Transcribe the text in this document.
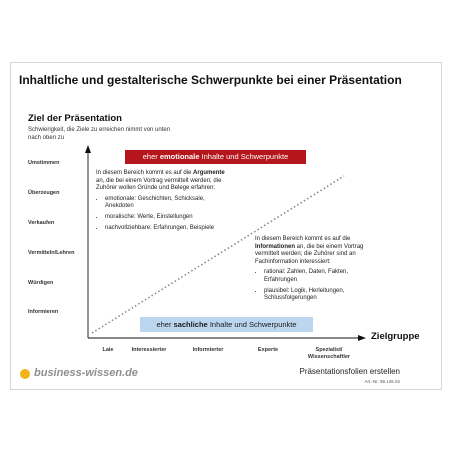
Inhaltliche und gestalterische Schwerpunkte bei einer Präsentation
Ziel der Präsentation
Schwierigkeit, die Ziele zu erreichen nimmt von unten nach oben zu
Umstimmen
Überzeugen
Verkaufen
Vermitteln/Lehren
Würdigen
Informieren
eher emotionale Inhalte und Schwerpunkte
In diesem Bereich kommt es auf die Argumente an, die bei einem Vortrag vermittelt werden; die Zuhörer wollen Gründe und Belege erfahren:
• emotionale: Geschichten, Schicksale, Anekdoten
• moralische: Werte, Einstellungen
• nachvollziehbare: Erfahrungen, Beispiele
In diesem Bereich kommt es auf die Informationen an, die bei einem Vortrag vermittelt werden; die Zuhörer sind an Fachinformation interessiert:
• rational: Zahlen, Daten, Fakten, Erfahrungen
• plausibel: Logik, Herleitungen, Schlussfolgerungen
eher sachliche Inhalte und Schwerpunkte
Zielgruppe
Laie	Interessierter	Informierter	Experte	Spezialist/ Wissenschaftler
business-wissen.de	Präsentationsfolien erstellen
Art.-Nr. 99.145.02
